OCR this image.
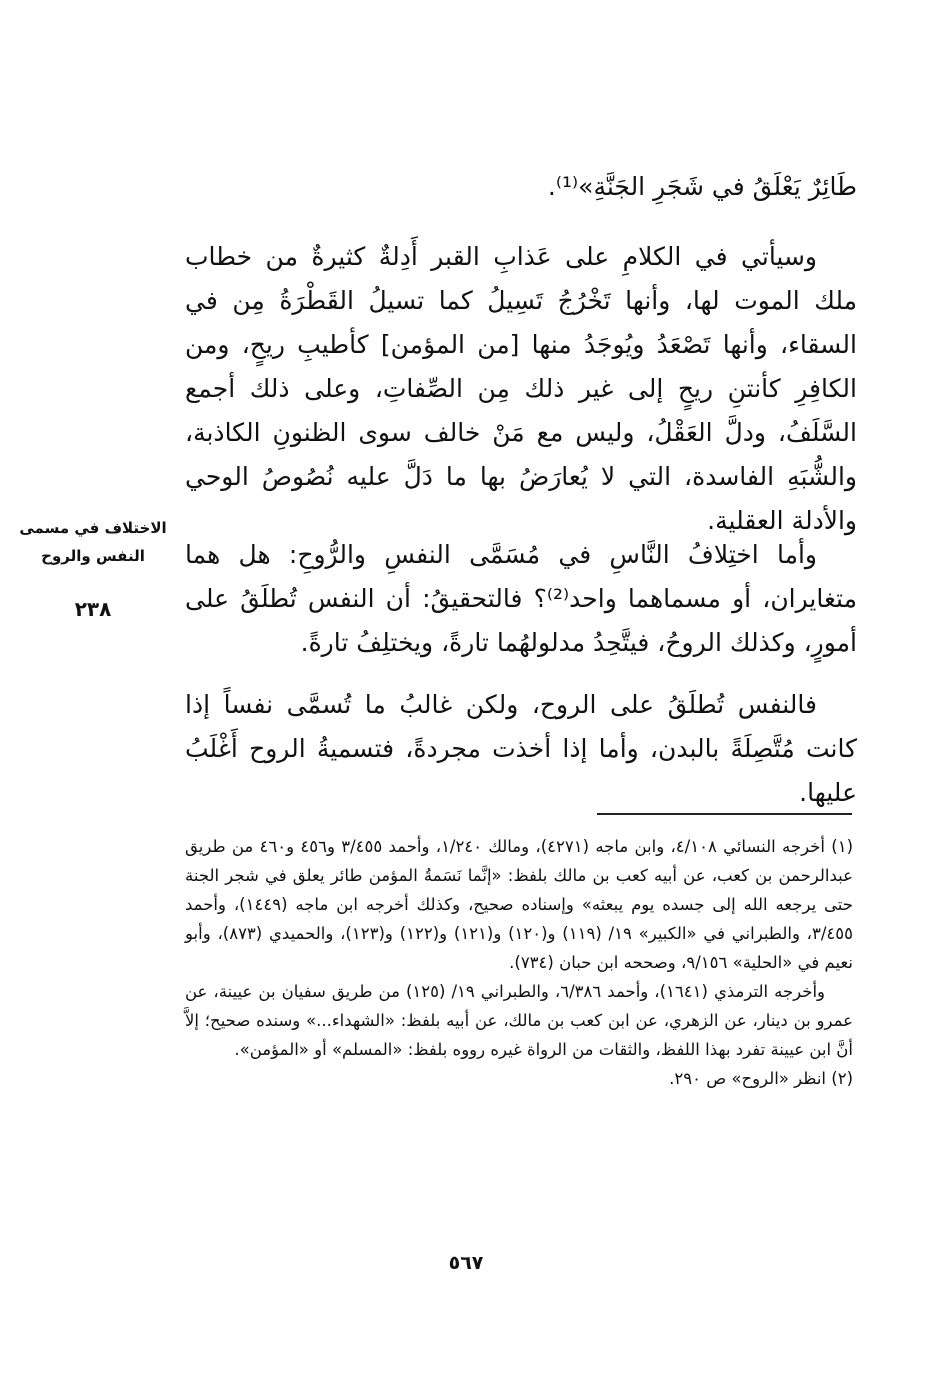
طَائِرٌ يَعْلَقُ في شَجَرِ الجَنَّةِ»⁽¹⁾.

وسيأتي في الكلامِ على عَذابِ القبر أَدِلةٌ كثيرةٌ من خطاب ملك الموت لها، وأنها تَخْرُجُ تَسِيلُ كما تسيلُ القَطْرَةُ مِن في السقاء، وأنها تَصْعَدُ ويُوجَدُ منها [من المؤمن] كأطيبِ ريحٍ، ومن الكافِرِ كأنتنِ ريحٍ إلى غير ذلك مِن الصِّفاتِ، وعلى ذلك أجمع السَّلَفُ، ودلَّ العَقْلُ، وليس مع مَنْ خالف سوى الظنونِ الكاذبة، والشُّبَهِ الفاسدة، التي لا يُعارَضُ بها ما دَلَّ عليه نُصُوصُ الوحي والأدلة العقلية.

الاختلاف في مسمى
النفس والروح
٢٣٨

وأما اختِلافُ النَّاسِ في مُسَمَّى النفسِ والرُّوحِ: هل هما متغايران، أو مسماهما واحد⁽²⁾؟ فالتحقيقُ: أن النفس تُطلَقُ على أمورٍ، وكذلك الروحُ، فيتَّحِدُ مدلولهُما تارةً، ويختلِفُ تارةً.

فالنفس تُطلَقُ على الروح، ولكن غالبُ ما تُسمَّى نفساً إذا كانت مُتَّصِلَةً بالبدن، وأما إذا أخذت مجردةً، فتسميةُ الروح أَغْلَبُ عليها.

(١) أخرجه النسائي ٤/١٠٨، وابن ماجه (٤٢٧١)، ومالك ١/٢٤٠، وأحمد ٣/٤٥٥ و٤٥٦ و٤٦٠ من طريق عبدالرحمن بن كعب، عن أبيه كعب بن مالك بلفظ: «إنَّما نَسَمةُ المؤمن طائر يعلق في شجر الجنة حتى يرجعه الله إلى جسده يوم يبعثه» وإسناده صحيح، وكذلك أخرجه ابن ماجه (١٤٤٩)، وأحمد ٣/٤٥٥، والطبراني في «الكبير» ١٩/ (١١٩) و(١٢٠) و(١٢١) و(١٢٢) و(١٢٣)، والحميدي (٨٧٣)، وأبو نعيم في «الحلية» ٩/١٥٦، وصححه ابن حبان (٧٣٤).

وأخرجه الترمذي (١٦٤١)، وأحمد ٦/٣٨٦، والطبراني ١٩/ (١٢٥) من طريق سفيان بن عيينة، عن عمرو بن دينار، عن الزهري، عن ابن كعب بن مالك، عن أبيه بلفظ: «الشهداء...» وسنده صحيح؛ إلاَّ أنَّ ابن عيينة تفرد بهذا اللفظ، والثقات من الرواة غيره رووه بلفظ: «المسلم» أو «المؤمن».

(٢) انظر «الروح» ص ٢٩٠.

٥٦٧
